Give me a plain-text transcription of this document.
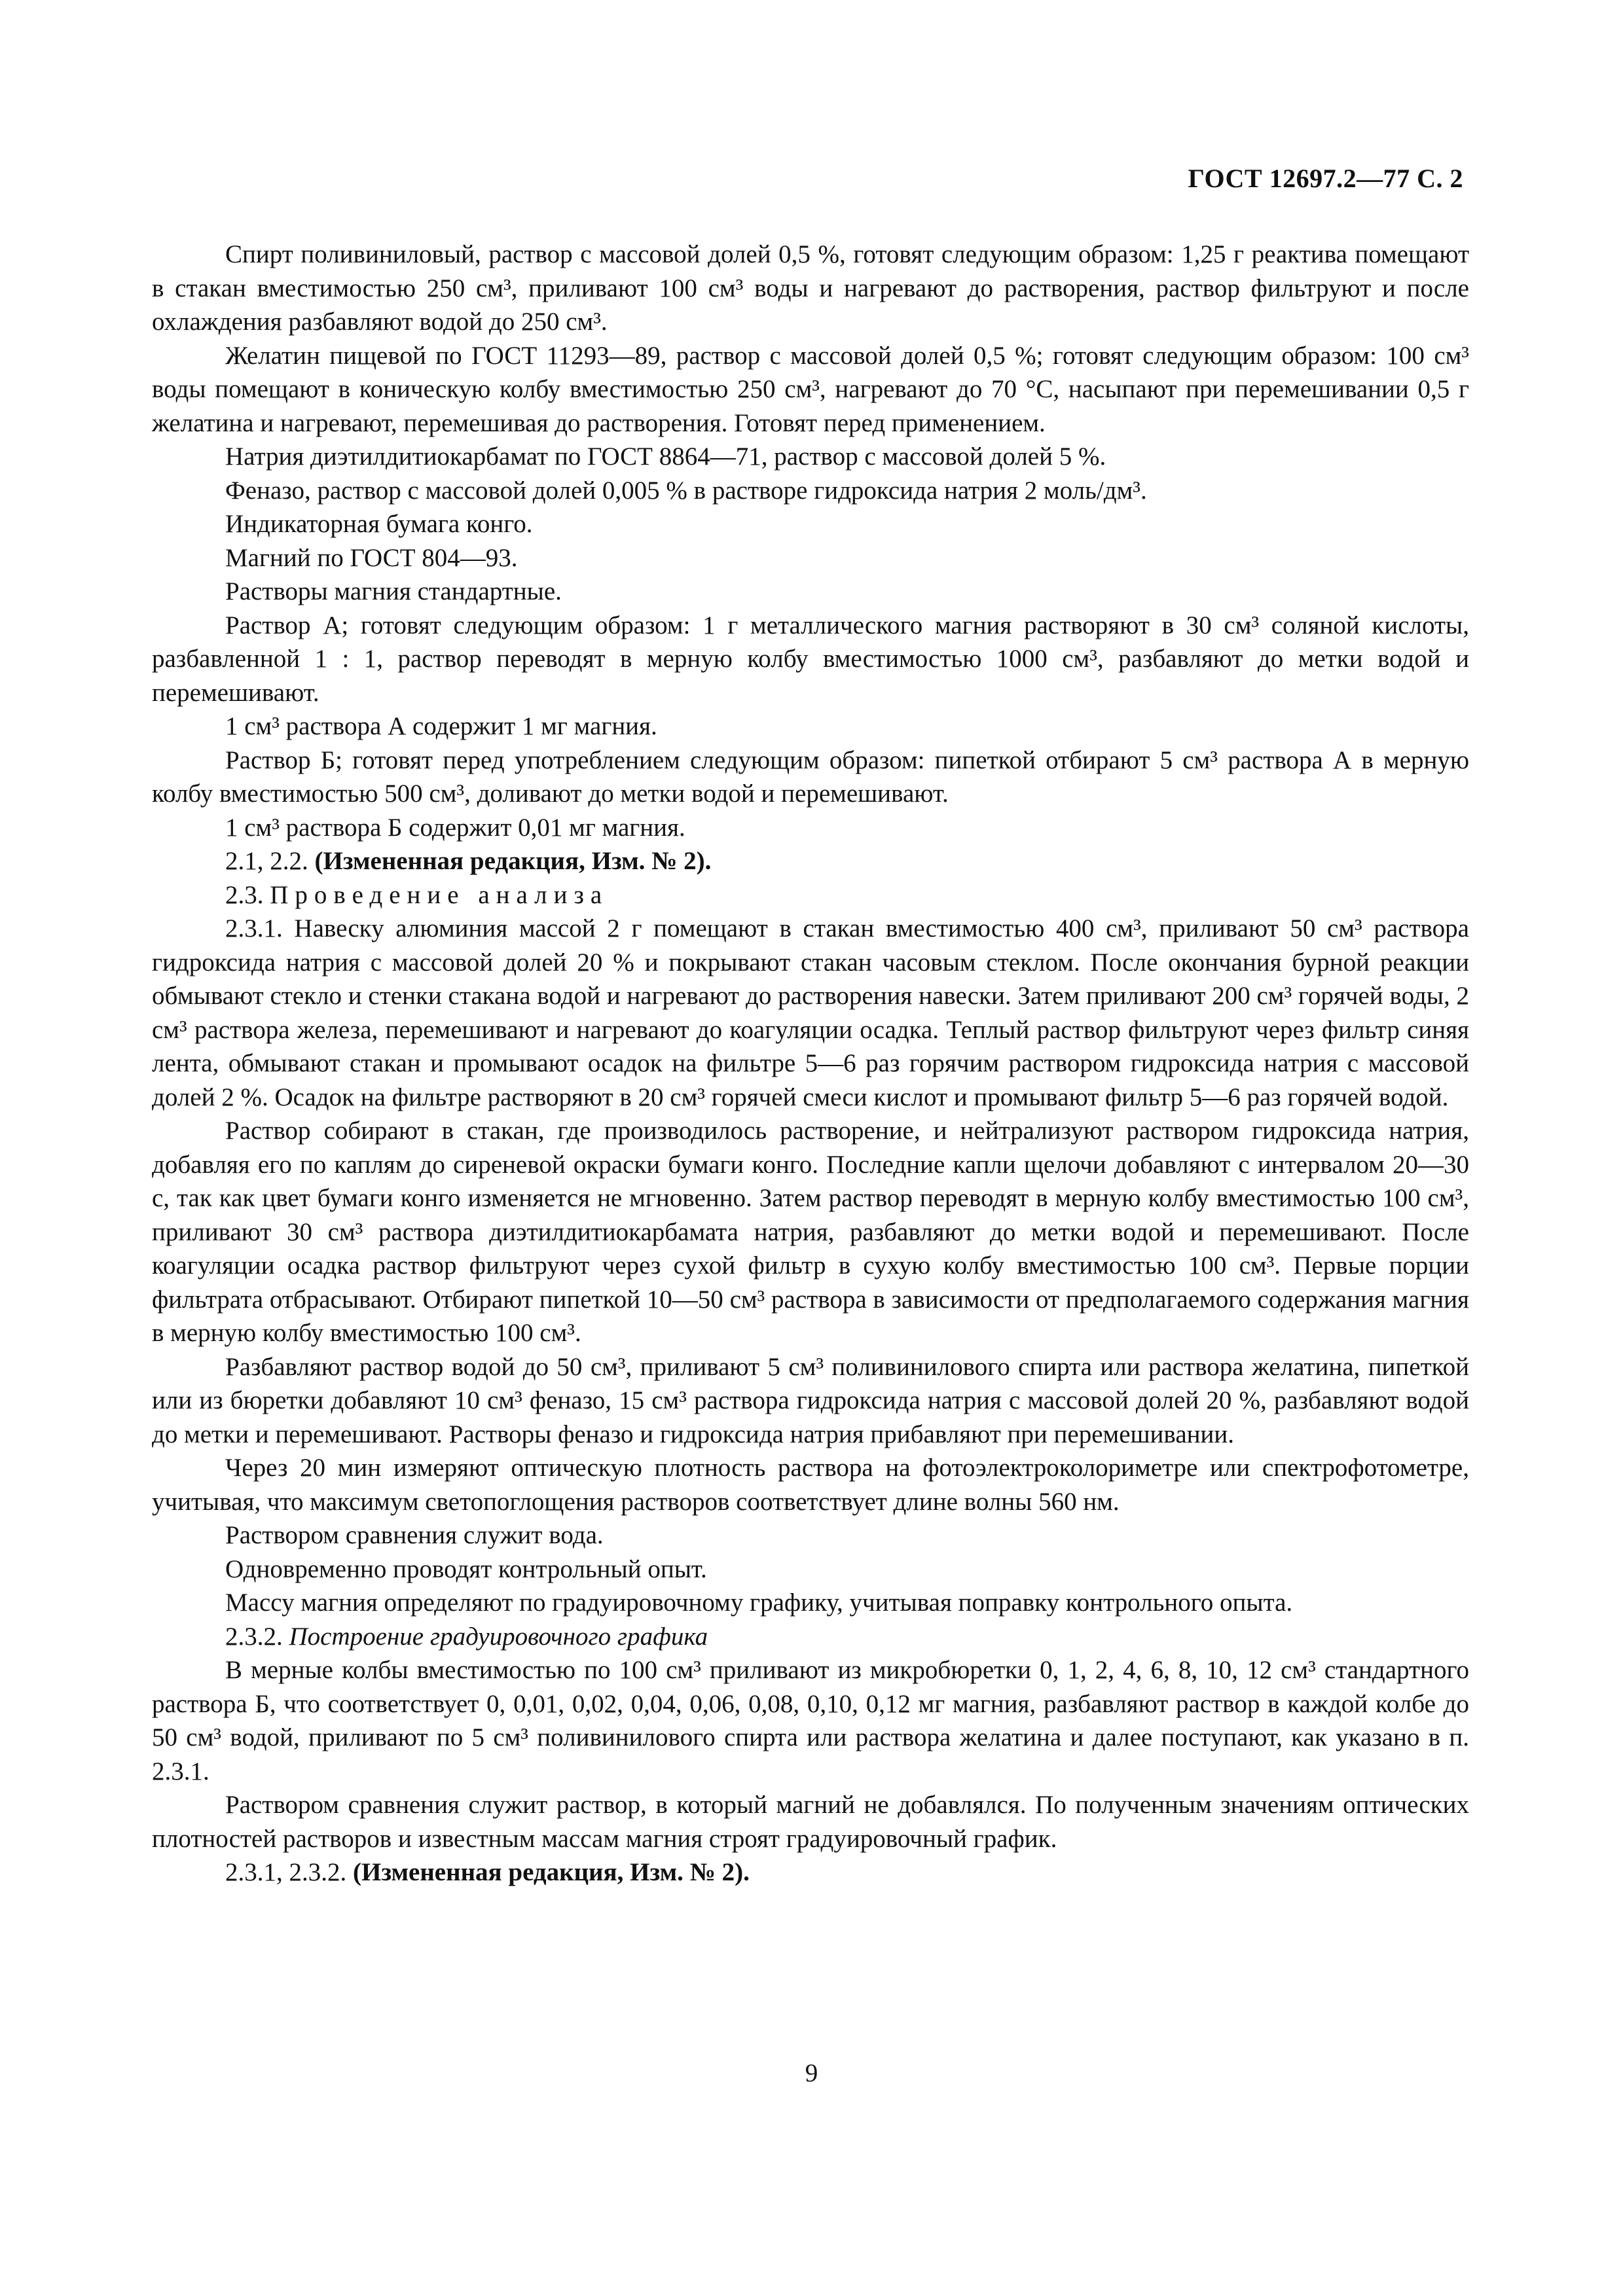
ГОСТ 12697.2—77 С. 2

Спирт поливиниловый, раствор с массовой долей 0,5 %, готовят следующим образом: 1,25 г реактива помещают в стакан вместимостью 250 см³, приливают 100 см³ воды и нагревают до растворения, раствор фильтруют и после охлаждения разбавляют водой до 250 см³.

Желатин пищевой по ГОСТ 11293—89, раствор с массовой долей 0,5 %; готовят следующим образом: 100 см³ воды помещают в коническую колбу вместимостью 250 см³, нагревают до 70 °С, насыпают при перемешивании 0,5 г желатина и нагревают, перемешивая до растворения. Готовят перед применением.

Натрия диэтилдитиокарбамат по ГОСТ 8864—71, раствор с массовой долей 5 %.

Феназо, раствор с массовой долей 0,005 % в растворе гидроксида натрия 2 моль/дм³.

Индикаторная бумага конго.

Магний по ГОСТ 804—93.

Растворы магния стандартные.

Раствор А; готовят следующим образом: 1 г металлического магния растворяют в 30 см³ соляной кислоты, разбавленной 1 : 1, раствор переводят в мерную колбу вместимостью 1000 см³, разбавляют до метки водой и перемешивают.

1 см³ раствора А содержит 1 мг магния.

Раствор Б; готовят перед употреблением следующим образом: пипеткой отбирают 5 см³ раствора А в мерную колбу вместимостью 500 см³, доливают до метки водой и перемешивают.

1 см³ раствора Б содержит 0,01 мг магния.

2.1, 2.2. (Измененная редакция, Изм. № 2).

2.3. Проведение анализа

2.3.1. Навеску алюминия массой 2 г помещают в стакан вместимостью 400 см³, приливают 50 см³ раствора гидроксида натрия с массовой долей 20 % и покрывают стакан часовым стеклом. После окончания бурной реакции обмывают стекло и стенки стакана водой и нагревают до растворения навески. Затем приливают 200 см³ горячей воды, 2 см³ раствора железа, перемешивают и нагревают до коагуляции осадка. Теплый раствор фильтруют через фильтр синяя лента, обмывают стакан и промывают осадок на фильтре 5—6 раз горячим раствором гидроксида натрия с массовой долей 2 %. Осадок на фильтре растворяют в 20 см³ горячей смеси кислот и промывают фильтр 5—6 раз горячей водой.

Раствор собирают в стакан, где производилось растворение, и нейтрализуют раствором гидроксида натрия, добавляя его по каплям до сиреневой окраски бумаги конго. Последние капли щелочи добавляют с интервалом 20—30 с, так как цвет бумаги конго изменяется не мгновенно. Затем раствор переводят в мерную колбу вместимостью 100 см³, приливают 30 см³ раствора диэтилдитиокарбамата натрия, разбавляют до метки водой и перемешивают. После коагуляции осадка раствор фильтруют через сухой фильтр в сухую колбу вместимостью 100 см³. Первые порции фильтрата отбрасывают. Отбирают пипеткой 10—50 см³ раствора в зависимости от предполагаемого содержания магния в мерную колбу вместимостью 100 см³.

Разбавляют раствор водой до 50 см³, приливают 5 см³ поливинилового спирта или раствора желатина, пипеткой или из бюретки добавляют 10 см³ феназо, 15 см³ раствора гидроксида натрия с массовой долей 20 %, разбавляют водой до метки и перемешивают. Растворы феназо и гидроксида натрия прибавляют при перемешивании.

Через 20 мин измеряют оптическую плотность раствора на фотоэлектроколориметре или спектрофотометре, учитывая, что максимум светопоглощения растворов соответствует длине волны 560 нм.

Раствором сравнения служит вода.

Одновременно проводят контрольный опыт.

Массу магния определяют по градуировочному графику, учитывая поправку контрольного опыта.

2.3.2. Построение градуировочного графика

В мерные колбы вместимостью по 100 см³ приливают из микробюретки 0, 1, 2, 4, 6, 8, 10, 12 см³ стандартного раствора Б, что соответствует 0, 0,01, 0,02, 0,04, 0,06, 0,08, 0,10, 0,12 мг магния, разбавляют раствор в каждой колбе до 50 см³ водой, приливают по 5 см³ поливинилового спирта или раствора желатина и далее поступают, как указано в п. 2.3.1.

Раствором сравнения служит раствор, в который магний не добавлялся. По полученным значениям оптических плотностей растворов и известным массам магния строят градуировочный график.

2.3.1, 2.3.2. (Измененная редакция, Изм. № 2).

9
